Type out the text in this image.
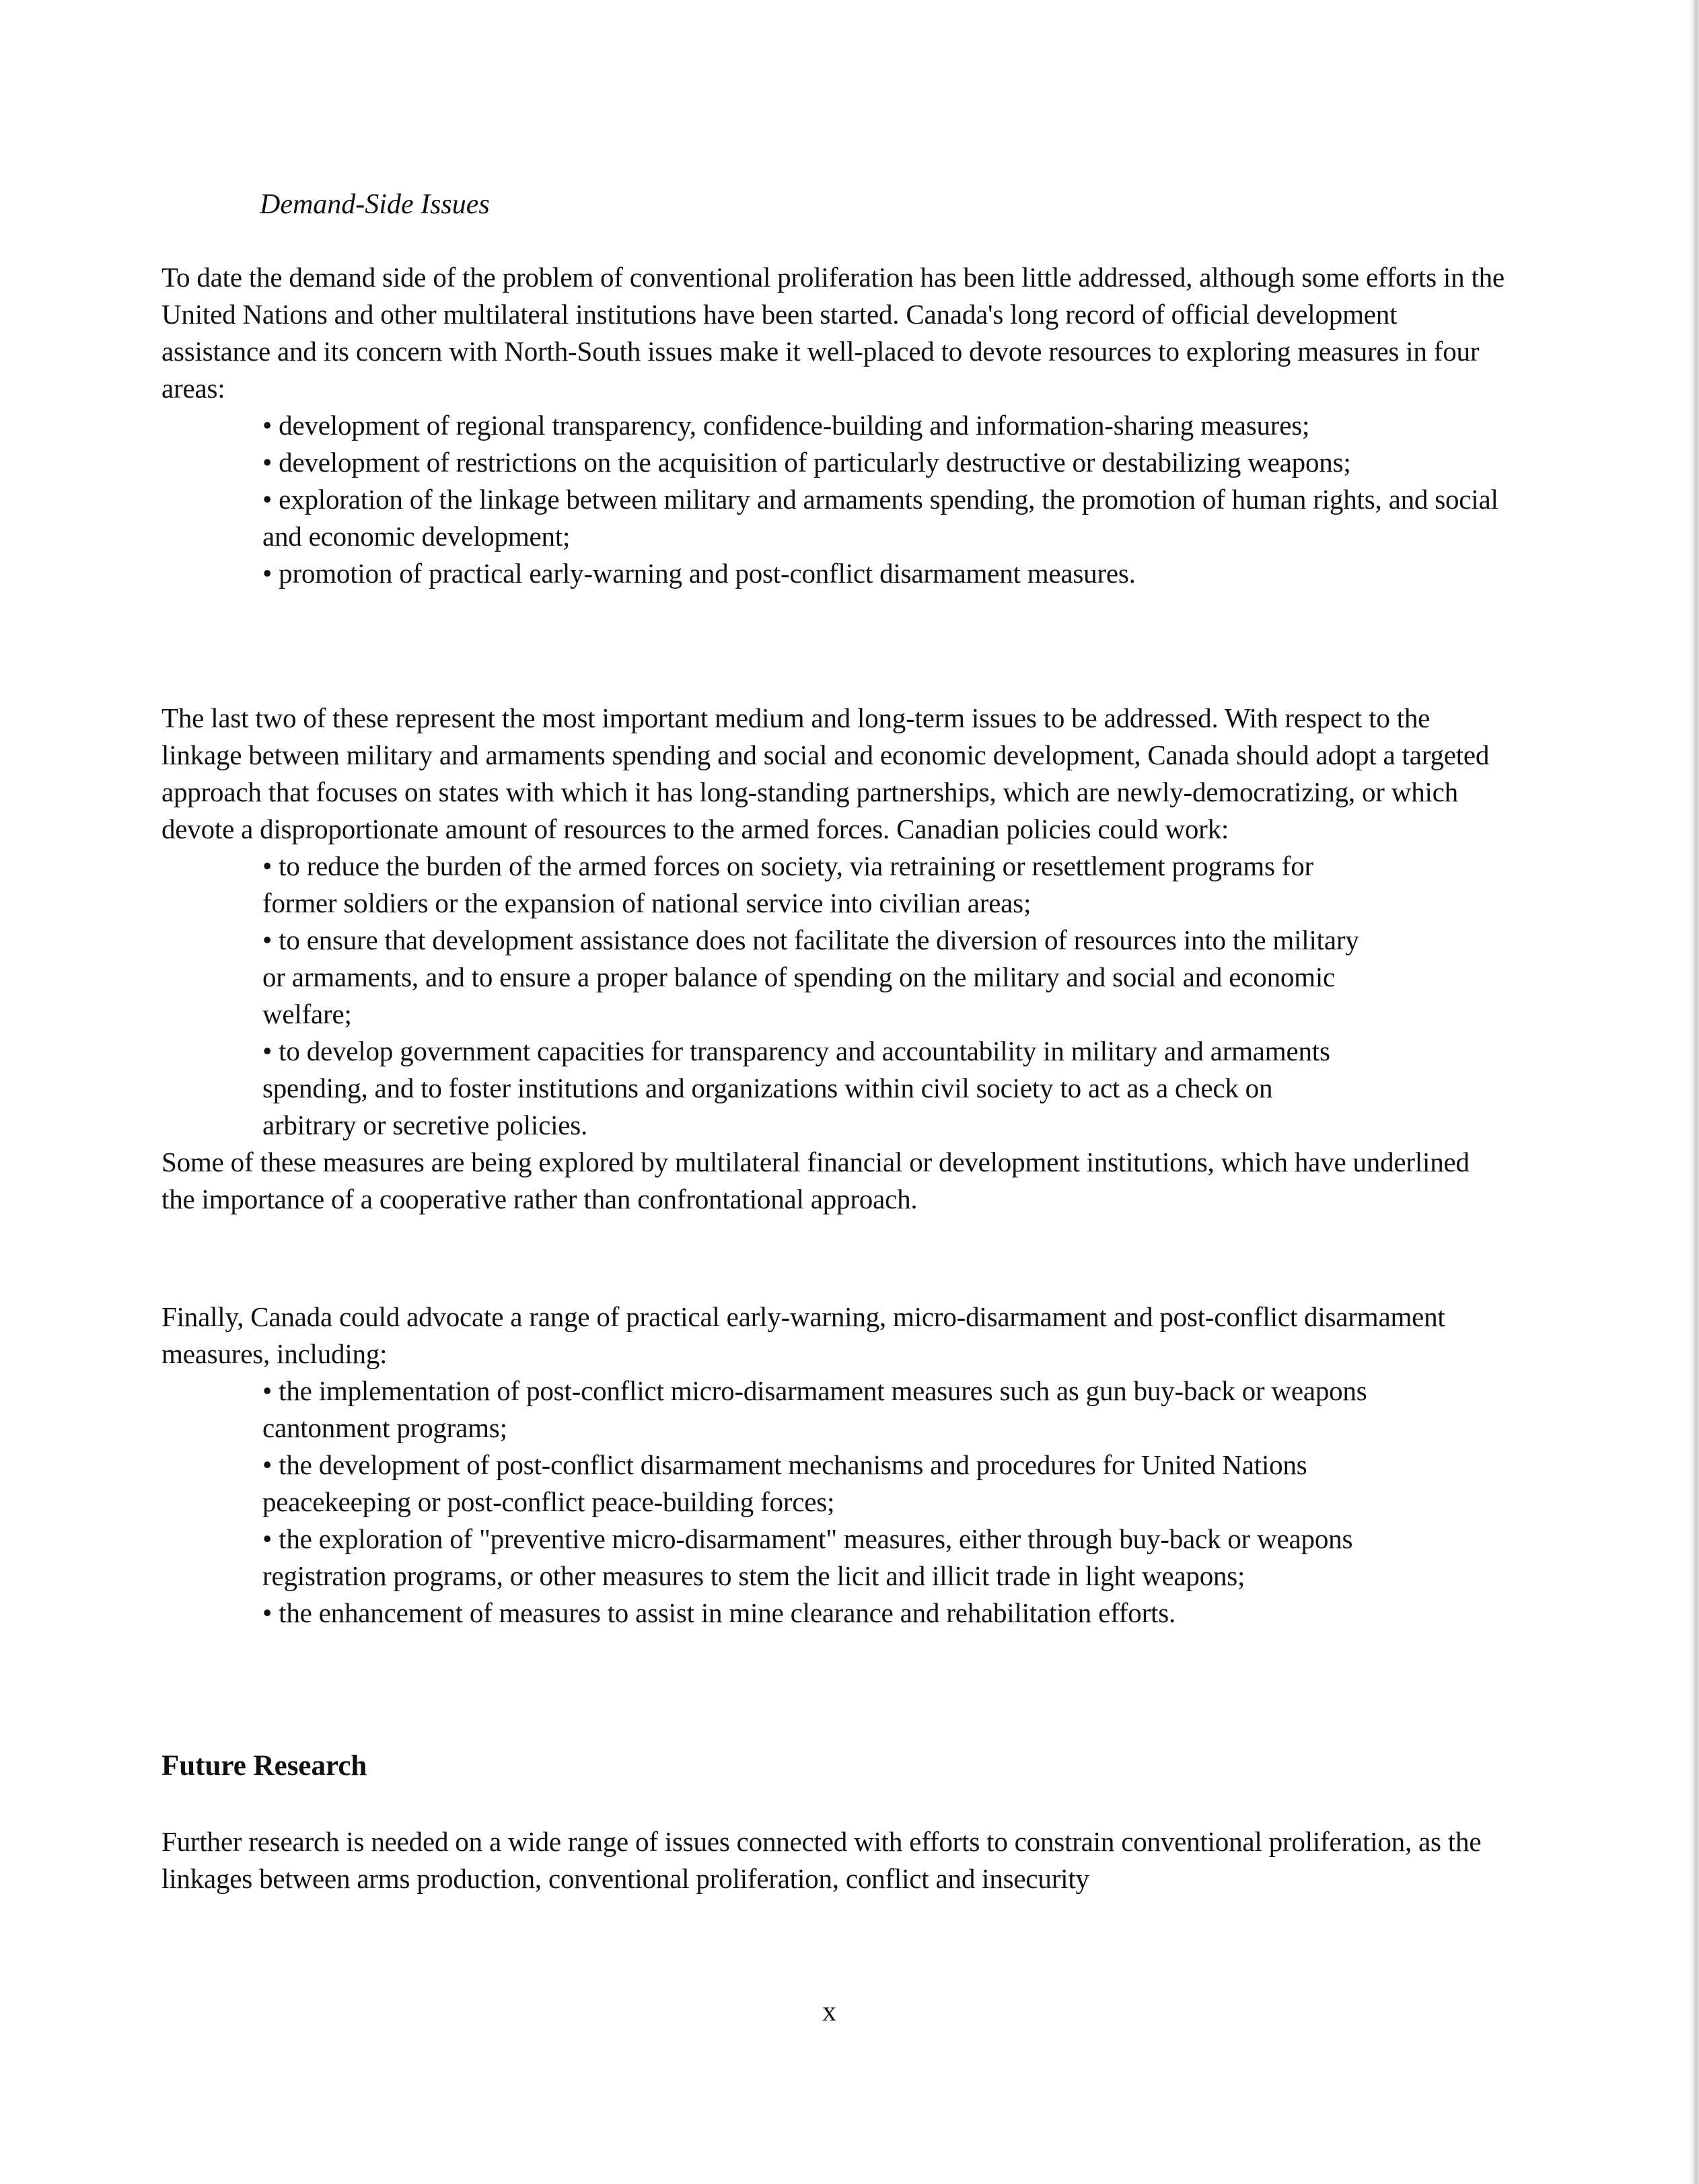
Demand-Side Issues

To date the demand side of the problem of conventional proliferation has been little addressed, although some efforts in the United Nations and other multilateral institutions have been started. Canada's long record of official development assistance and its concern with North-South issues make it well-placed to devote resources to exploring measures in four areas:

• development of regional transparency, confidence-building and information-sharing measures;
• development of restrictions on the acquisition of particularly destructive or destabilizing weapons;
• exploration of the linkage between military and armaments spending, the promotion of human rights, and social and economic development;
• promotion of practical early-warning and post-conflict disarmament measures.

The last two of these represent the most important medium and long-term issues to be addressed. With respect to the linkage between military and armaments spending and social and economic development, Canada should adopt a targeted approach that focuses on states with which it has long-standing partnerships, which are newly-democratizing, or which devote a disproportionate amount of resources to the armed forces. Canadian policies could work:

• to reduce the burden of the armed forces on society, via retraining or resettlement programs for former soldiers or the expansion of national service into civilian areas;
• to ensure that development assistance does not facilitate the diversion of resources into the military or armaments, and to ensure a proper balance of spending on the military and social and economic welfare;
• to develop government capacities for transparency and accountability in military and armaments spending, and to foster institutions and organizations within civil society to act as a check on arbitrary or secretive policies.

Some of these measures are being explored by multilateral financial or development institutions, which have underlined the importance of a cooperative rather than confrontational approach.

Finally, Canada could advocate a range of practical early-warning, micro-disarmament and post-conflict disarmament measures, including:

• the implementation of post-conflict micro-disarmament measures such as gun buy-back or weapons cantonment programs;
• the development of post-conflict disarmament mechanisms and procedures for United Nations peacekeeping or post-conflict peace-building forces;
• the exploration of "preventive micro-disarmament" measures, either through buy-back or weapons registration programs, or other measures to stem the licit and illicit trade in light weapons;
• the enhancement of measures to assist in mine clearance and rehabilitation efforts.
Future Research

Further research is needed on a wide range of issues connected with efforts to constrain conventional proliferation, as the linkages between arms production, conventional proliferation, conflict and insecurity

x
